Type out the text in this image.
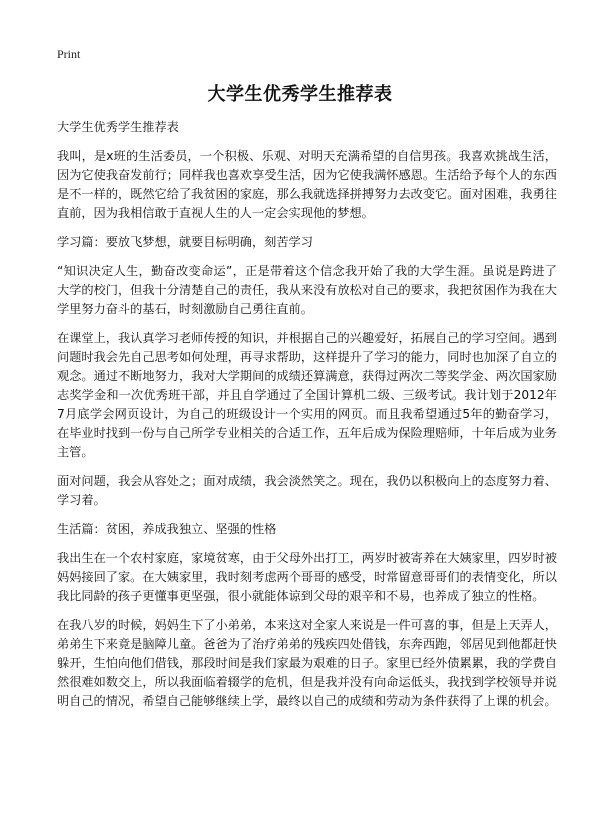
Print
大学生优秀学生推荐表

大学生优秀学生推荐表

我叫，是x班的生活委员，一个积极、乐观、对明天充满希望的自信男孩。我喜欢挑战生活，因为它使我奋发前行；同样我也喜欢享受生活，因为它使我满怀感恩。生活给予每个人的东西是不一样的，既然它给了我贫困的家庭，那么我就选择拼搏努力去改变它。面对困难，我勇往直前，因为我相信敢于直视人生的人一定会实现他的梦想。

学习篇：要放飞梦想，就要目标明确，刻苦学习

“知识决定人生，勤奋改变命运”，正是带着这个信念我开始了我的大学生涯。虽说是跨进了大学的校门，但我十分清楚自己的责任，我从来没有放松对自己的要求，我把贫困作为我在大学里努力奋斗的基石，时刻激励自己勇往直前。

在课堂上，我认真学习老师传授的知识，并根据自己的兴趣爱好，拓展自己的学习空间。遇到问题时我会先自己思考如何处理，再寻求帮助，这样提升了学习的能力，同时也加深了自立的观念。通过不断地努力，我对大学期间的成绩还算满意，获得过两次二等奖学金、两次国家励志奖学金和一次优秀班干部，并且自学通过了全国计算机二级、三级考试。我计划于2012年7月底学会网页设计，为自己的班级设计一个实用的网页。而且我希望通过5年的勤奋学习，在毕业时找到一份与自己所学专业相关的合适工作，五年后成为保险理赔师，十年后成为业务主管。

面对问题，我会从容处之；面对成绩，我会淡然笑之。现在，我仍以积极向上的态度努力着、学习着。

生活篇：贫困，养成我独立、坚强的性格

我出生在一个农村家庭，家境贫寒，由于父母外出打工，两岁时被寄养在大姨家里，四岁时被妈妈接回了家。在大姨家里，我时刻考虑两个哥哥的感受，时常留意哥哥们的表情变化，所以我比同龄的孩子更懂事更坚强，很小就能体谅到父母的艰辛和不易，也养成了独立的性格。

在我八岁的时候，妈妈生下了小弟弟，本来这对全家人来说是一件可喜的事，但是上天弄人，弟弟生下来竟是脑障儿童。爸爸为了治疗弟弟的残疾四处借钱，东奔西跑，邻居见到他都赶快躲开，生怕向他们借钱，那段时间是我们家最为艰难的日子。家里已经外债累累，我的学费自然很难如数交上，所以我面临着辍学的危机，但是我并没有向命运低头，我找到学校领导并说明自己的情况，希望自己能够继续上学，最终以自己的成绩和劳动为条件获得了上课的机会。
